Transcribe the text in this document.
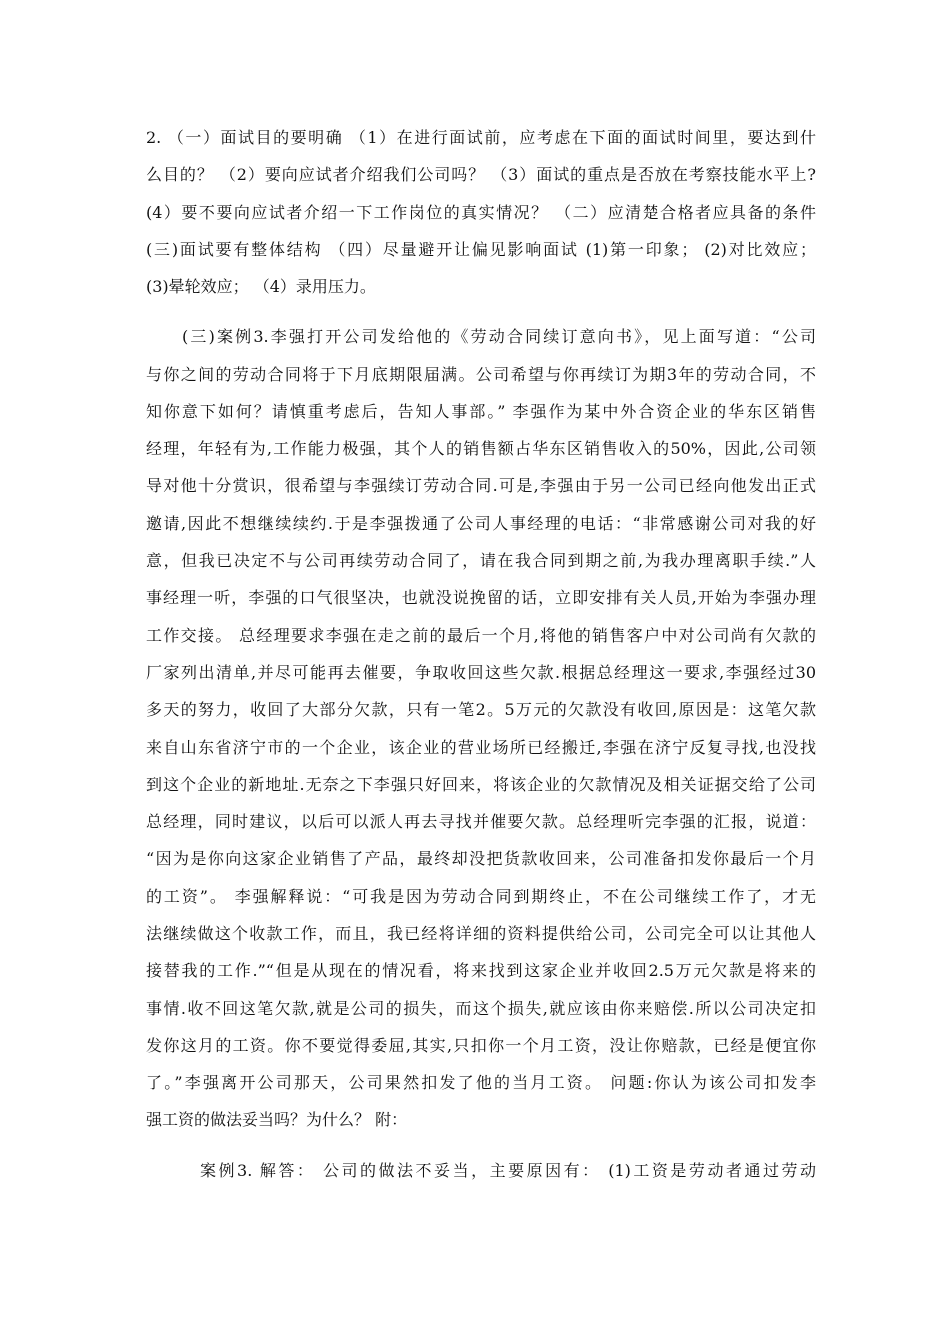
2. （一）面试目的要明确 （1）在进行面试前，应考虑在下面的面试时间里，要达到什
么目的？ （2）要向应试者介绍我们公司吗？ （3）面试的重点是否放在考察技能水平上?
(4）要不要向应试者介绍一下工作岗位的真实情况？ （二）应清楚合格者应具备的条件
(三)面试要有整体结构 （四）尽量避开让偏见影响面试 (1)第一印象； (2)对比效应；
(3)晕轮效应； （4）录用压力。
(三)案例3.李强打开公司发给他的《劳动合同续订意向书》，见上面写道：“公司
与你之间的劳动合同将于下月底期限届满。公司希望与你再续订为期3年的劳动合同，不
知你意下如何？请慎重考虑后，告知人事部。” 李强作为某中外合资企业的华东区销售
经理，年轻有为,工作能力极强，其个人的销售额占华东区销售收入的50%，因此,公司领
导对他十分赏识，很希望与李强续订劳动合同.可是,李强由于另一公司已经向他发出正式
邀请,因此不想继续续约.于是李强拨通了公司人事经理的电话：“非常感谢公司对我的好
意，但我已决定不与公司再续劳动合同了，请在我合同到期之前,为我办理离职手续.”人
事经理一听，李强的口气很坚决，也就没说挽留的话，立即安排有关人员,开始为李强办理
工作交接。 总经理要求李强在走之前的最后一个月,将他的销售客户中对公司尚有欠款的
厂家列出清单,并尽可能再去催要，争取收回这些欠款.根据总经理这一要求,李强经过30
多天的努力，收回了大部分欠款，只有一笔2。5万元的欠款没有收回,原因是：这笔欠款
来自山东省济宁市的一个企业，该企业的营业场所已经搬迁,李强在济宁反复寻找,也没找
到这个企业的新地址.无奈之下李强只好回来，将该企业的欠款情况及相关证据交给了公司
总经理，同时建议，以后可以派人再去寻找并催要欠款。总经理听完李强的汇报，说道：
“因为是你向这家企业销售了产品，最终却没把货款收回来，公司准备扣发你最后一个月
的工资”。 李强解释说：“可我是因为劳动合同到期终止，不在公司继续工作了，才无
法继续做这个收款工作，而且，我已经将详细的资料提供给公司，公司完全可以让其他人
接替我的工作.”“但是从现在的情况看，将来找到这家企业并收回2.5万元欠款是将来的
事情.收不回这笔欠款,就是公司的损失，而这个损失,就应该由你来赔偿.所以公司决定扣
发你这月的工资。你不要觉得委屈,其实,只扣你一个月工资，没让你赔款，已经是便宜你
了。”李强离开公司那天，公司果然扣发了他的当月工资。 问题:你认为该公司扣发李
强工资的做法妥当吗？为什么？ 附：
案例3. 解答： 公司的做法不妥当，主要原因有： (1)工资是劳动者通过劳动
